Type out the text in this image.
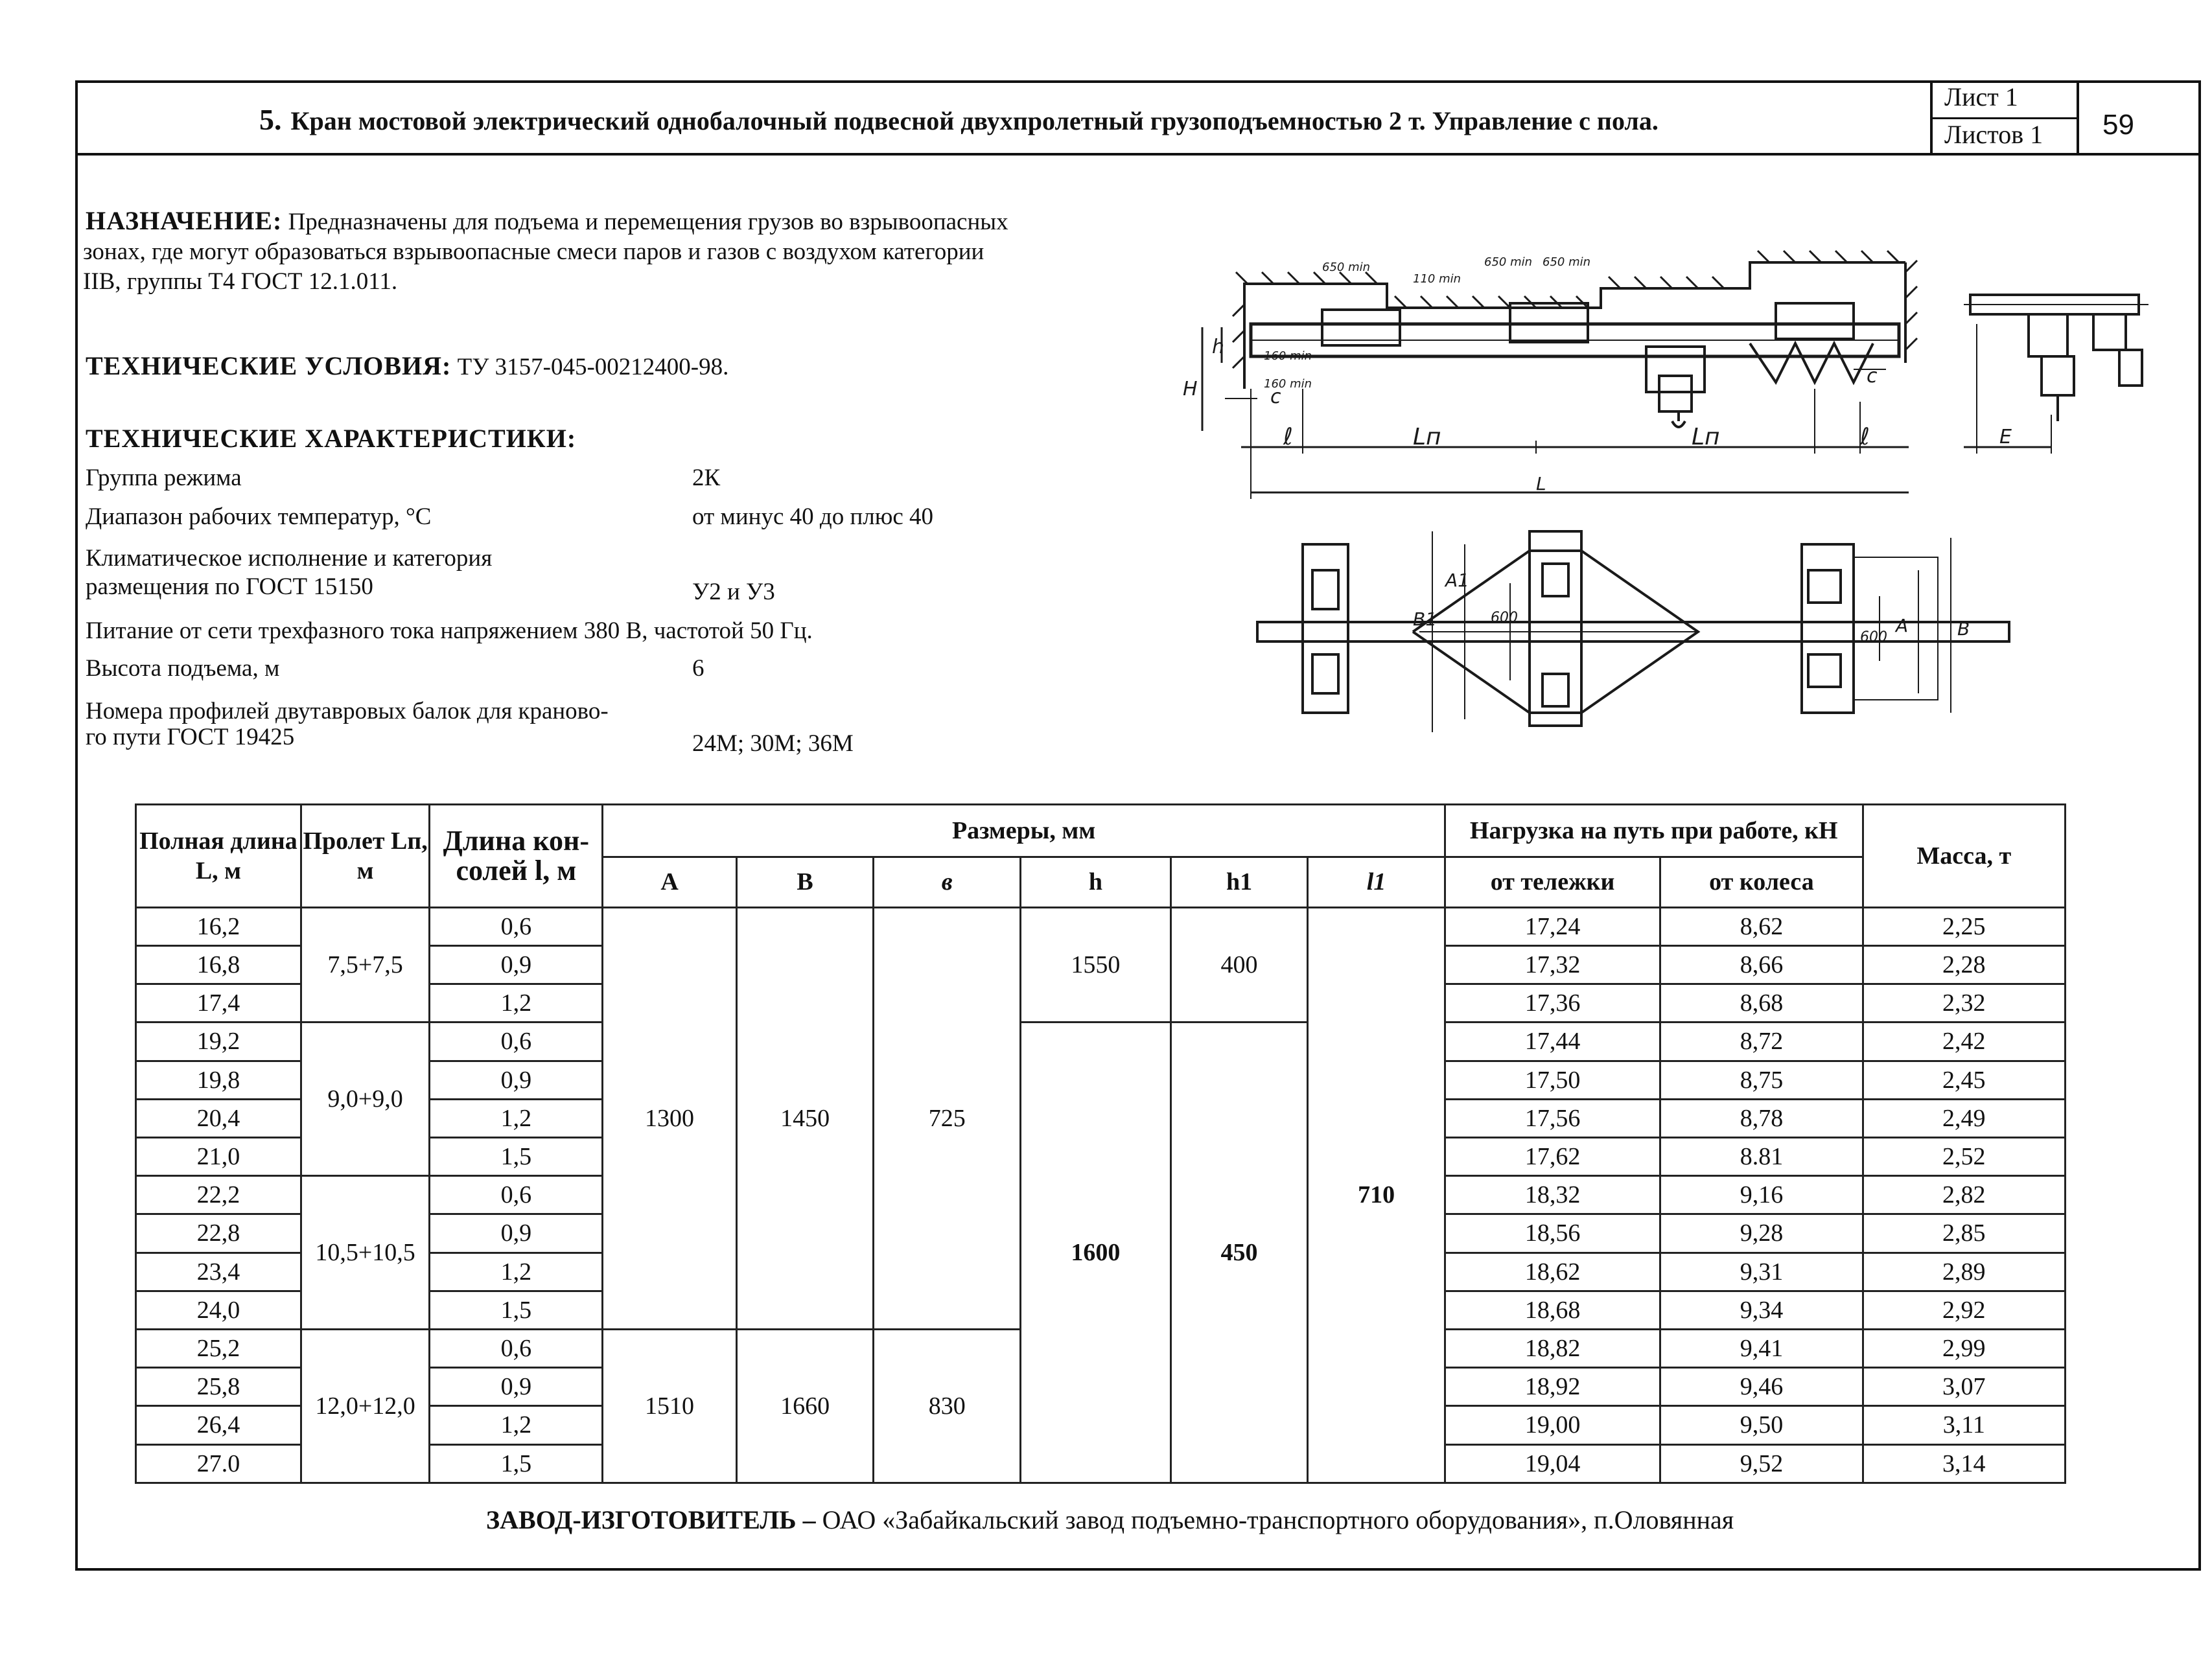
Лист 1
Листов 1 59
5. Кран мостовой электрический однобалочный подвесной двухпролетный грузоподъемностью 2 т. Управление с пола.
НАЗНАЧЕНИЕ: Предназначены для подъема и перемещения грузов во взрывоопасных
зонах, где могут образоваться взрывоопасные смеси паров и газов с воздухом категории
IIВ, группы Т4 ГОСТ 12.1.011.
ТЕХНИЧЕСКИЕ УСЛОВИЯ: ТУ 3157-045-00212400-98.
ТЕХНИЧЕСКИЕ ХАРАКТЕРИСТИКИ:
Группа режима	2К
Диапазон рабочих температур, °С	от минус 40 до плюс 40
Климатическое исполнение и категория
размещения по ГОСТ 15150	У2 и У3
Питание от сети трехфазного тока напряжением 380 В, частотой 50 Гц.
Высота подъема, м	6
Номера профилей двутавровых балок для краново-
го пути ГОСТ 19425	24М; 30М; 36М
h
H	c
c
ℓ	ℓ
Lп	Lп
L
650 min	650 min 650 min
110 min
160 min
160 min
E
B1
A1
600
600
A	B
Полная длина L, м	Пролет Lп, м	Длина кон-солей l, м	Размеры, мм						Нагрузка на путь при работе, кН		Масса, т
			A	B	в	h	h1	l1	от тележки	от колеса	
16,2	7,5+7,5	0,6	1300	1450	725	1550	400	710	17,24	8,62	2,25
16,8		0,9							17,32	8,66	2,28
17,4		1,2							17,36	8,68	2,32
19,2	9,0+9,0	0,6				1600	450		17,44	8,72	2,42
19,8		0,9							17,50	8,75	2,45
20,4		1,2							17,56	8,78	2,49
21,0		1,5							17,62	8.81	2,52
22,2	10,5+10,5	0,6							18,32	9,16	2,82
22,8		0,9							18,56	9,28	2,85
23,4		1,2							18,62	9,31	2,89
24,0		1,5							18,68	9,34	2,92
25,2	12,0+12,0	0,6	1510	1660	830				18,82	9,41	2,99
25,8		0,9							18,92	9,46	3,07
26,4		1,2							19,00	9,50	3,11
27.0		1,5							19,04	9,52	3,14
ЗАВОД-ИЗГОТОВИТЕЛЬ – ОАО «Забайкальский завод подъемно-транспортного оборудования», п.Оловянная
